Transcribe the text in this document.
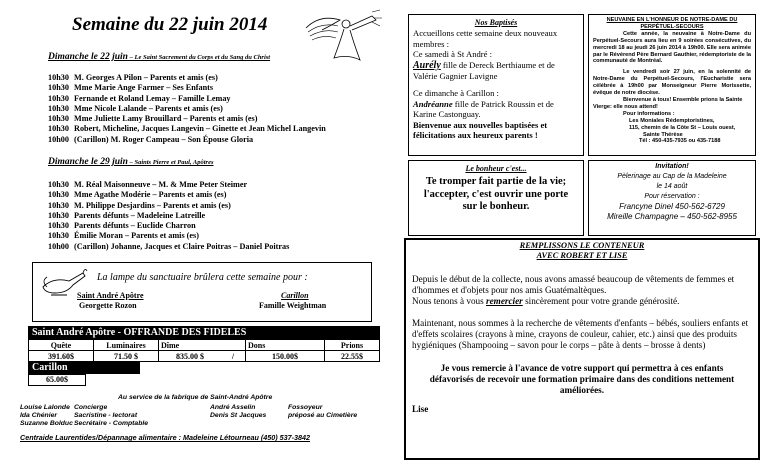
Semaine du 22 juin 2014
Dimanche le 22 juin – Le Saint Sacrement du Corps et du Sang du Christ
10h30 M. Georges A Pilon – Parents et amis (es)
10h30 Mme Marie Ange Farmer – Ses Enfants
10h30 Fernande et Roland Lemay – Famille Lemay
10h30 Mme Nicole Lalande – Parents et amis (es)
10h30 Mme Juliette Lamy Brouillard – Parents et amis (es)
10h30 Robert, Micheline, Jacques Langevin – Ginette et Jean Michel Langevin
10h00 (Carillon) M. Roger Campeau – Son Épouse Gloria
Dimanche le 29 juin – Saints Pierre et Paul, Apôtres
10h30 M. Réal Maisonneuve – M. & Mme Peter Steimer
10h30 Mme Agathe Modérie – Parents et amis (es)
10h30 M. Philippe Desjardins – Parents et amis (es)
10h30 Parents défunts – Madeleine Latreille
10h30 Parents défunts – Euclide Charron
10h30 Émilie Moran – Parents et amis (es)
10h00 (Carillon) Johanne, Jacques et Claire Poitras – Daniel Poitras
La lampe du sanctuaire brûlera cette semaine pour :
Saint André Apôtre
Georgette Rozon
Carillon
Famille Weightman
Saint André Apôtre - OFFRANDE DES FIDELES
Quête	Luminaires	Dîme		Dons	Prions
391.60$	71.50 $	835.00 $	/	150.00$	22.55$
Carillon
65.00$
Au service de la fabrique de Saint-André Apôtre
Louise Lalonde Concierge	André Asselin	Fossoyeur
Ida Chénier Sacristine - lectorat	Denis St Jacques	préposé au Cimetière
Suzanne Bolduc Secrétaire - Comptable
Centraide Laurentides/Dépannage alimentaire : Madeleine Létourneau (450) 537-3842
Nos Baptisés
Accueillons cette semaine deux nouveaux membres :
Ce samedi à St André :
Aurély fille de Dereck Berthiaume et de Valérie Gagnier Lavigne
Ce dimanche à Carillon :
Andréanne fille de Patrick Roussin et de Karine Castonguay.
Bienvenue aux nouvelles baptisées et félicitations aux heureux parents !
NEUVAINE EN L'HONNEUR DE NOTRE-DAME DU PERPÉTUEL-SECOURS
Cette année, la neuvaine à Notre-Dame du Perpétuel-Secours aura lieu en 9 soirées consécutives, du mercredi 18 au jeudi 26 juin 2014 à 19h00. Elle sera animée par le Révérend Père Bernard Gauthier, rédemptoriste de la communauté de Montréal.
Le vendredi soir 27 juin, en la solennité de Notre-Dame du Perpétuel-Secours, l'Eucharistie sera célébrée à 19h00 par Monseigneur Pierre Morissette, évêque de notre diocèse.
Bienvenue à tous! Ensemble prions la Sainte Vierge: elle nous attend!
Pour informations :
Les Moniales Rédemptoristines,
115, chemin de la Côte St – Louis ouest,
Sainte Thérèse
Tél : 450-435-7935 ou 435-7188
Le bonheur c'est...
Te tromper fait partie de la vie; l'accepter, c'est ouvrir une porte sur le bonheur.
Invitation!
Pèlerinage au Cap de la Madeleine
le 14 août
Pour réservation :
Francyne Dinel 450-562-6729
Mireille Champagne – 450-562-8955
REMPLISSONS LE CONTENEUR
AVEC ROBERT ET LISE
Depuis le début de la collecte, nous avons amassé beaucoup de vêtements de femmes et d'hommes et d'objets pour nos amis Guatémaltèques.
Nous tenons à vous remercier sincèrement pour votre grande générosité.
Maintenant, nous sommes à la recherche de vêtements d'enfants – bébés, souliers enfants et d'effets scolaires (crayons à mine, crayons de couleur, cahier, etc.) ainsi que des produits hygiéniques (Shampooing – savon pour le corps – pâte à dents – brosse à dents)
Je vous remercie à l'avance de votre support qui permettra à ces enfants défavorisés de recevoir une formation primaire dans des conditions nettement améliorées.
Lise
